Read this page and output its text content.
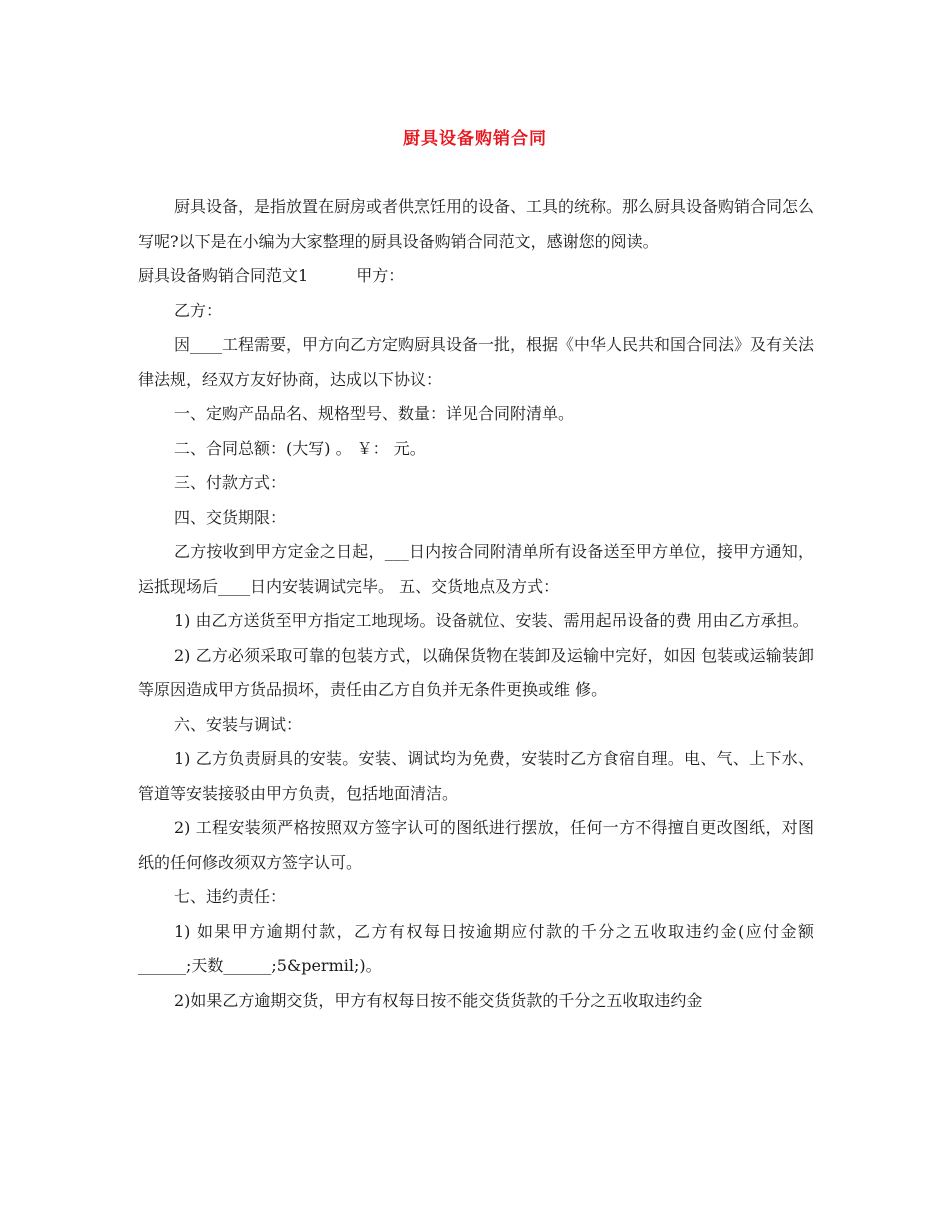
厨具设备购销合同

厨具设备，是指放置在厨房或者供烹饪用的设备、工具的统称。那么厨具设备购销合同怎么写呢?以下是在小编为大家整理的厨具设备购销合同范文，感谢您的阅读。

厨具设备购销合同范文1	甲方：

乙方：

因____工程需要，甲方向乙方定购厨具设备一批，根据《中华人民共和国合同法》及有关法律法规，经双方友好协商，达成以下协议：

一、定购产品品名、规格型号、数量：详见合同附清单。

二、合同总额：(大写) 。 ￥： 元。

三、付款方式：

四、交货期限：

乙方按收到甲方定金之日起，___日内按合同附清单所有设备送至甲方单位，接甲方通知，运抵现场后____日内安装调试完毕。 五、交货地点及方式：

1) 由乙方送货至甲方指定工地现场。设备就位、安装、需用起吊设备的费 用由乙方承担。

2) 乙方必须采取可靠的包装方式，以确保货物在装卸及运输中完好，如因 包装或运输装卸等原因造成甲方货品损坏，责任由乙方自负并无条件更换或维 修。

六、安装与调试：

1) 乙方负责厨具的安装。安装、调试均为免费，安装时乙方食宿自理。电、气、上下水、管道等安装接驳由甲方负责，包括地面清洁。

2) 工程安装须严格按照双方签字认可的图纸进行摆放，任何一方不得擅自更改图纸，对图纸的任何修改须双方签字认可。

七、违约责任：

1) 如果甲方逾期付款，乙方有权每日按逾期应付款的千分之五收取违约金(应付金额______;天数______;5&permil;)。

2)如果乙方逾期交货，甲方有权每日按不能交货货款的千分之五收取违约金
